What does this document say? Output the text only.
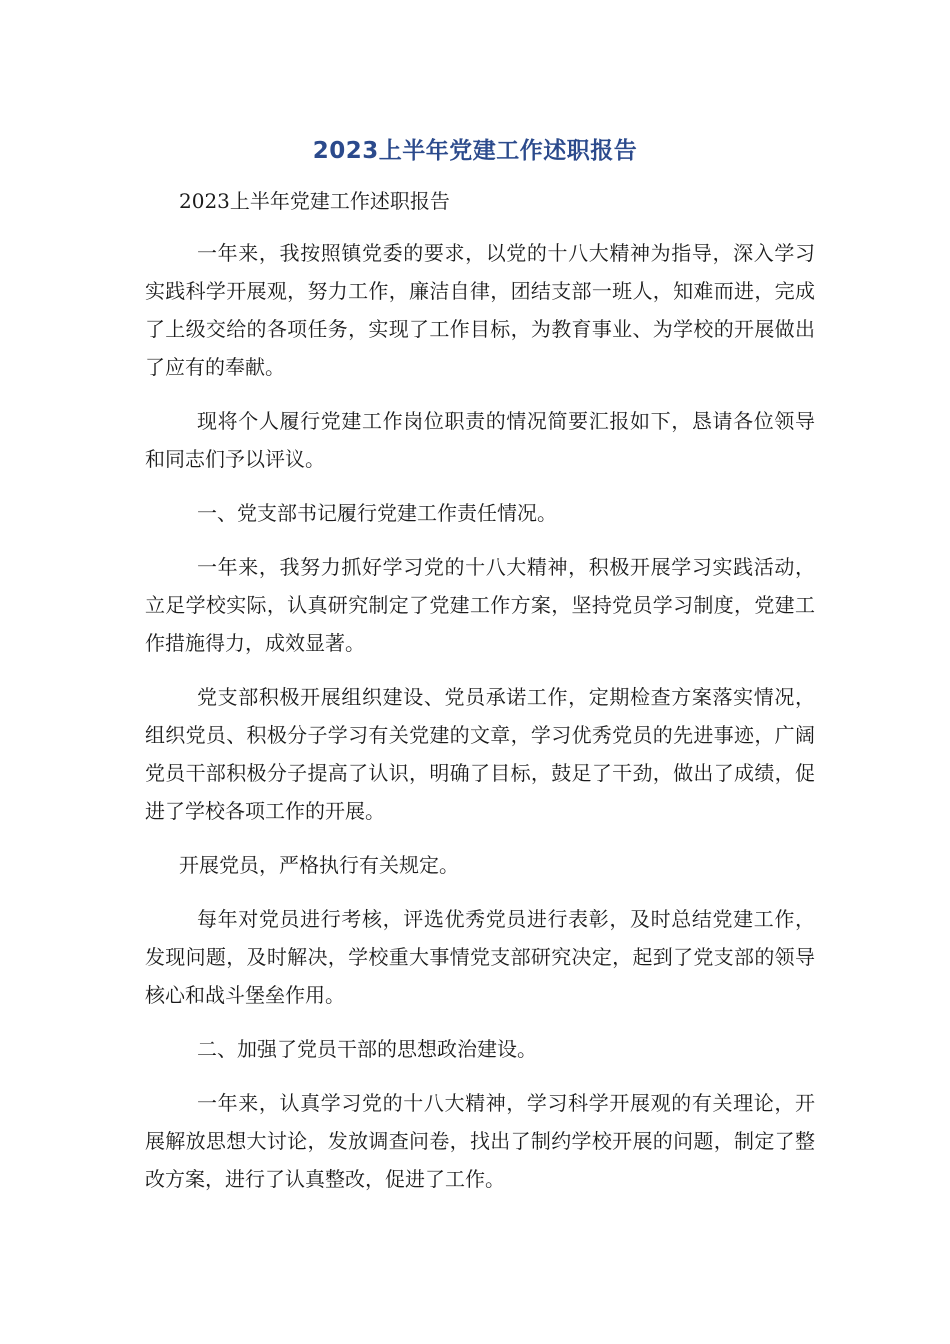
2023上半年党建工作述职报告

2023上半年党建工作述职报告

一年来，我按照镇党委的要求，以党的十八大精神为指导，深入学习实践科学开展观，努力工作，廉洁自律，团结支部一班人，知难而进，完成了上级交给的各项任务，实现了工作目标，为教育事业、为学校的开展做出了应有的奉献。

现将个人履行党建工作岗位职责的情况简要汇报如下，恳请各位领导和同志们予以评议。

一、党支部书记履行党建工作责任情况。

一年来，我努力抓好学习党的十八大精神，积极开展学习实践活动，立足学校实际，认真研究制定了党建工作方案，坚持党员学习制度，党建工作措施得力，成效显著。

党支部积极开展组织建设、党员承诺工作，定期检查方案落实情况，组织党员、积极分子学习有关党建的文章，学习优秀党员的先进事迹，广阔党员干部积极分子提高了认识，明确了目标，鼓足了干劲，做出了成绩，促进了学校各项工作的开展。

开展党员，严格执行有关规定。

每年对党员进行考核，评选优秀党员进行表彰，及时总结党建工作，发现问题，及时解决，学校重大事情党支部研究决定，起到了党支部的领导核心和战斗堡垒作用。

二、加强了党员干部的思想政治建设。

一年来，认真学习党的十八大精神，学习科学开展观的有关理论，开展解放思想大讨论，发放调查问卷，找出了制约学校开展的问题，制定了整改方案，进行了认真整改，促进了工作。
